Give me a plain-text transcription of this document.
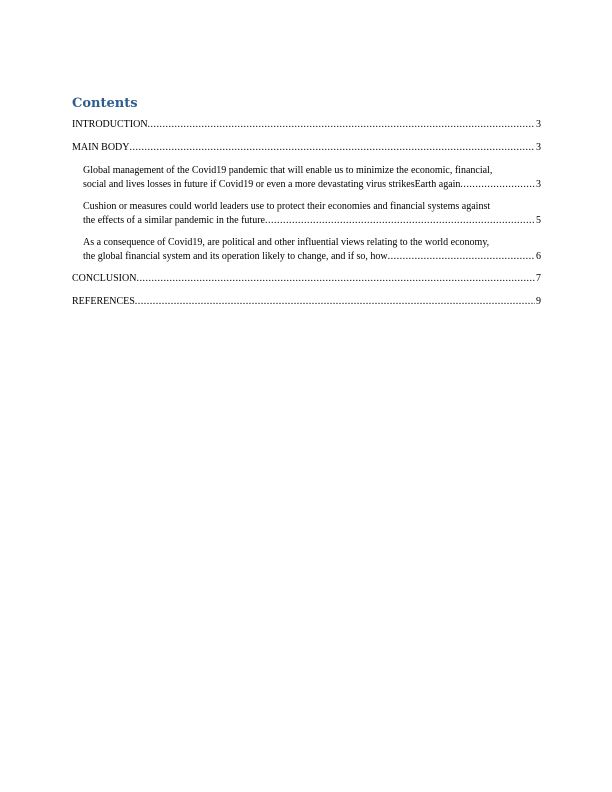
Contents
INTRODUCTION .....	3
MAIN BODY .....	3
Global management of the Covid19 pandemic that will enable us to minimize the economic, financial,
social and lives losses in future if Covid19 or even a more devastating virus strikesEarth again .....	3
Cushion or measures could world leaders use to protect their economies and financial systems against
the effects of a similar pandemic in the future .....	5
As a consequence of Covid19, are political and other influential views relating to the world economy,
the global financial system and its operation likely to change, and if so, how .....	6
CONCLUSION .....	7
REFERENCES .....	9
